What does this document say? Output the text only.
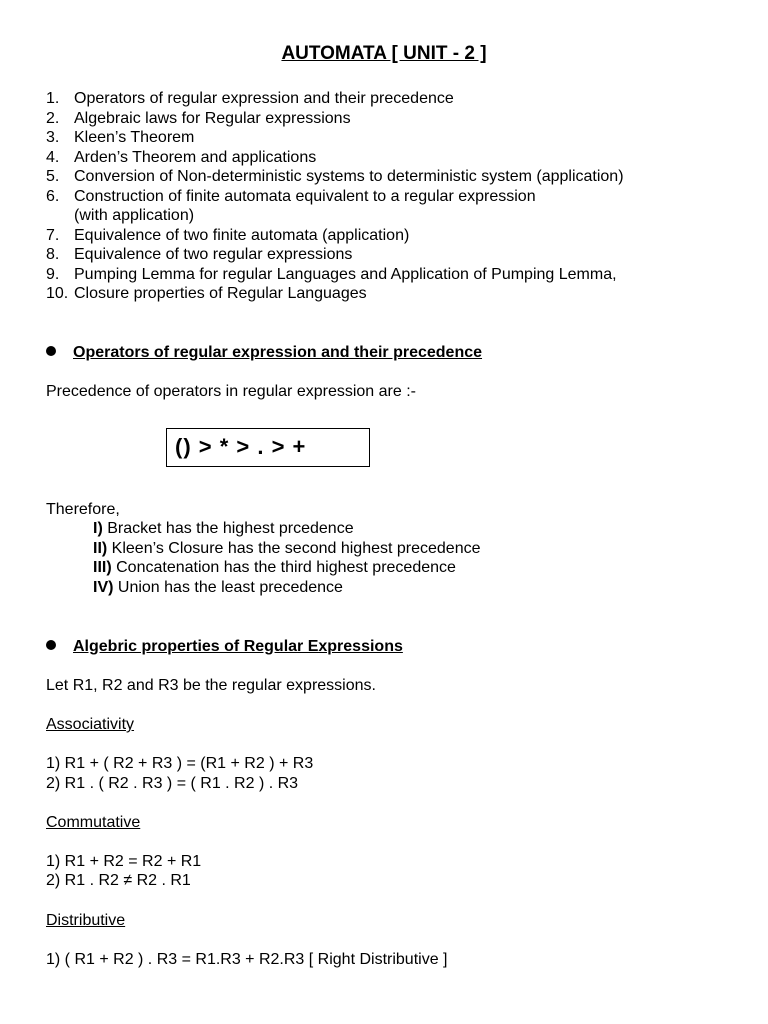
AUTOMATA [ UNIT - 2 ]
1. Operators of regular expression and their precedence
2. Algebraic laws for Regular expressions
3. Kleen’s Theorem
4. Arden’s Theorem and applications
5. Conversion of Non-deterministic systems to deterministic system (application)
6. Construction of finite automata equivalent to a regular expression
(with application)
7. Equivalence of two finite automata (application)
8. Equivalence of two regular expressions
9. Pumping Lemma for regular Languages and Application of Pumping Lemma,
10. Closure properties of Regular Languages
Operators of regular expression and their precedence
Precedence of operators in regular expression are :-
() > * > . > +
Therefore,
I) Bracket has the highest prcedence
II) Kleen’s Closure has the second highest precedence
III) Concatenation has the third highest precedence
IV) Union has the least precedence
Algebric properties of Regular Expressions
Let R1, R2 and R3 be the regular expressions.
Associativity
1) R1 + ( R2 + R3 ) = (R1 + R2 ) + R3
2) R1 . ( R2 . R3 ) = ( R1 . R2 ) . R3
Commutative
1) R1 + R2 = R2 + R1
2) R1 . R2 ≠ R2 . R1
Distributive
1) ( R1 + R2 ) . R3 = R1.R3 + R2.R3 [ Right Distributive ]
